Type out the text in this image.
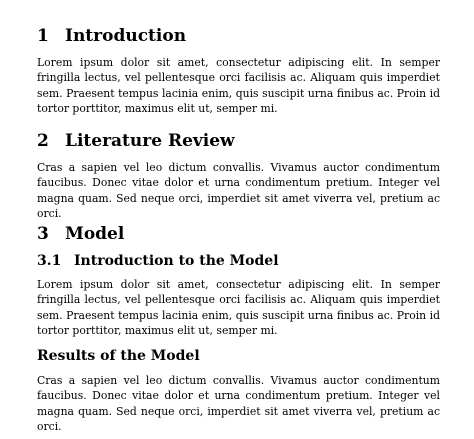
1 Introduction

Lorem ipsum dolor sit amet, consectetur adipiscing elit. In semper fringilla lectus, vel pellentesque orci facilisis ac. Aliquam quis imperdiet sem. Praesent tempus lacinia enim, quis suscipit urna finibus ac. Proin id tortor porttitor, maximus elit ut, semper mi.

2 Literature Review

Cras a sapien vel leo dictum convallis. Vivamus auctor condimentum faucibus. Donec vitae dolor et urna condimentum pretium. Integer vel magna quam. Sed neque orci, imperdiet sit amet viverra vel, pretium ac orci.

3 Model
3.1 Introduction to the Model

Lorem ipsum dolor sit amet, consectetur adipiscing elit. In semper fringilla lectus, vel pellentesque orci facilisis ac. Aliquam quis imperdiet sem. Praesent tempus lacinia enim, quis suscipit urna finibus ac. Proin id tortor porttitor, maximus elit ut, semper mi.

Results of the Model

Cras a sapien vel leo dictum convallis. Vivamus auctor condimentum faucibus. Donec vitae dolor et urna condimentum pretium. Integer vel magna quam. Sed neque orci, imperdiet sit amet viverra vel, pretium ac orci.
